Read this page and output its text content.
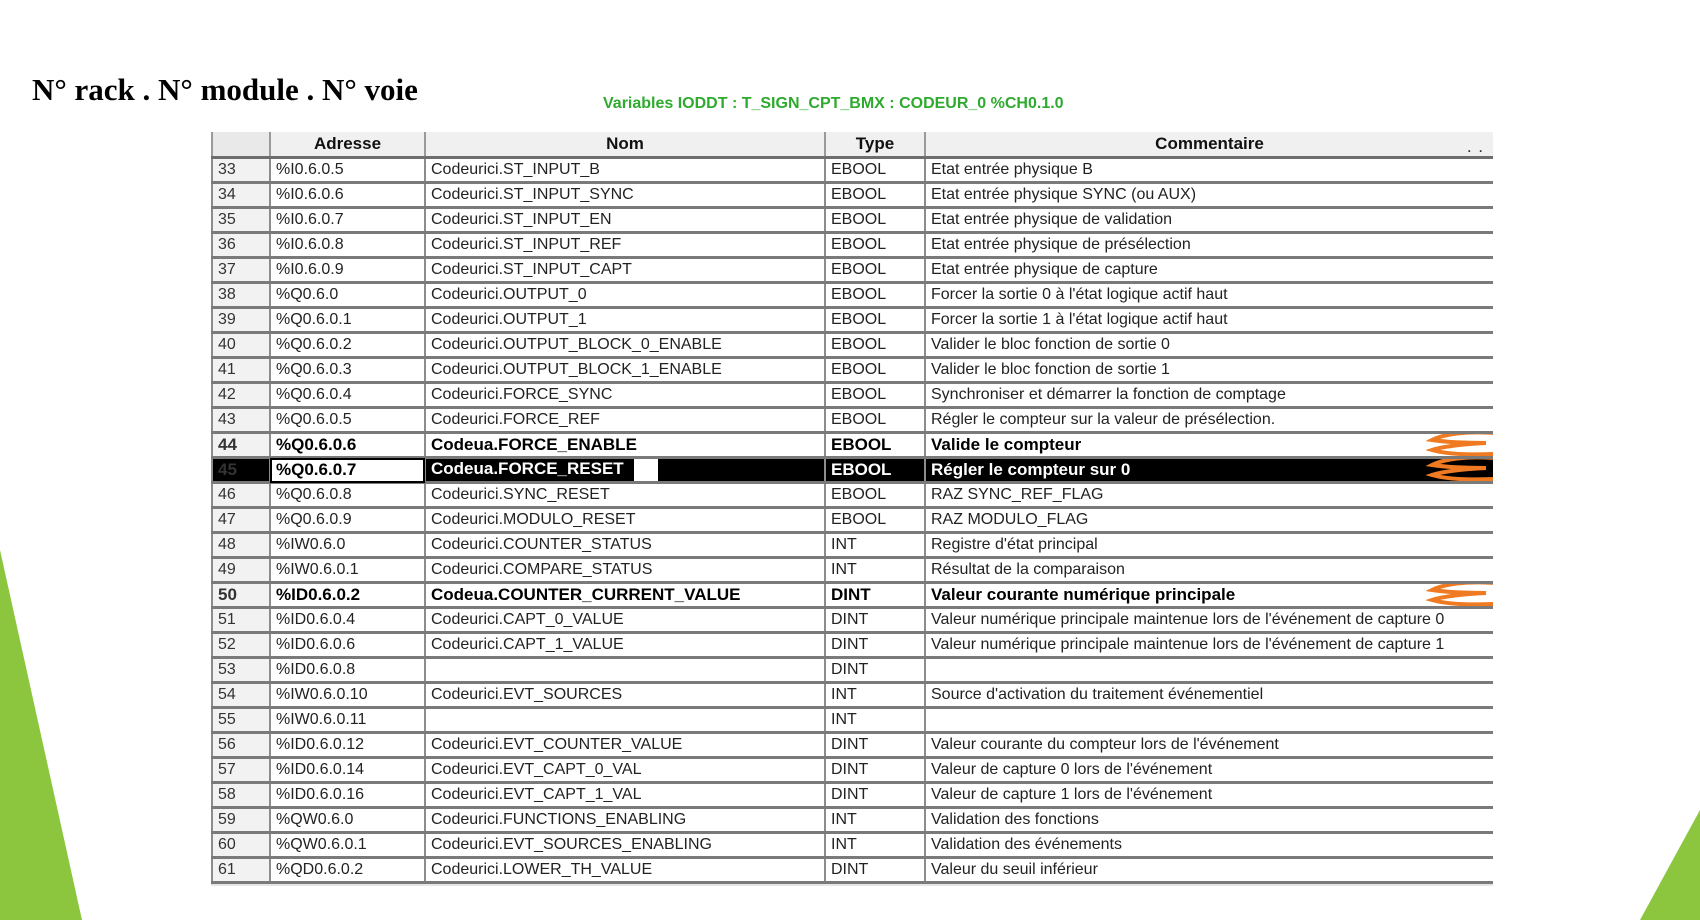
N° rack . N° module . N° voie	Variables IODDT : T_SIGN_CPT_BMX : CODEUR_0 %CH0.1.0
	Adresse	Nom	Type	Commentaire · ·

33	%I0.6.0.5	Codeurici.ST_INPUT_B	EBOOL	Etat entrée physique B
34	%I0.6.0.6	Codeurici.ST_INPUT_SYNC	EBOOL	Etat entrée physique SYNC (ou AUX)
35	%I0.6.0.7	Codeurici.ST_INPUT_EN	EBOOL	Etat entrée physique de validation
36	%I0.6.0.8	Codeurici.ST_INPUT_REF	EBOOL	Etat entrée physique de présélection
37	%I0.6.0.9	Codeurici.ST_INPUT_CAPT	EBOOL	Etat entrée physique de capture
38	%Q0.6.0	Codeurici.OUTPUT_0	EBOOL	Forcer la sortie 0 à l'état logique actif haut
39	%Q0.6.0.1	Codeurici.OUTPUT_1	EBOOL	Forcer la sortie 1 à l'état logique actif haut
40	%Q0.6.0.2	Codeurici.OUTPUT_BLOCK_0_ENABLE	EBOOL	Valider le bloc fonction de sortie 0
41	%Q0.6.0.3	Codeurici.OUTPUT_BLOCK_1_ENABLE	EBOOL	Valider le bloc fonction de sortie 1
42	%Q0.6.0.4	Codeurici.FORCE_SYNC	EBOOL	Synchroniser et démarrer la fonction de comptage
43	%Q0.6.0.5	Codeurici.FORCE_REF	EBOOL	Régler le compteur sur la valeur de présélection.
44	%Q0.6.0.6	Codeua.FORCE_ENABLE	EBOOL	Valide le compteur

45	%Q0.6.0.7	Codeua.FORCE_RESET	EBOOL	Régler le compteur sur 0

46	%Q0.6.0.8	Codeurici.SYNC_RESET	EBOOL	RAZ SYNC_REF_FLAG
47	%Q0.6.0.9	Codeurici.MODULO_RESET	EBOOL	RAZ MODULO_FLAG
48	%IW0.6.0	Codeurici.COUNTER_STATUS	INT	Registre d'état principal
49	%IW0.6.0.1	Codeurici.COMPARE_STATUS	INT	Résultat de la comparaison
50	%ID0.6.0.2	Codeua.COUNTER_CURRENT_VALUE	DINT	Valeur courante numérique principale

51	%ID0.6.0.4	Codeurici.CAPT_0_VALUE	DINT	Valeur numérique principale maintenue lors de l'événement de capture 0
52	%ID0.6.0.6	Codeurici.CAPT_1_VALUE	DINT	Valeur numérique principale maintenue lors de l'événement de capture 1
53	%ID0.6.0.8		DINT	
54	%IW0.6.0.10	Codeurici.EVT_SOURCES	INT	Source d'activation du traitement événementiel
55	%IW0.6.0.11		INT	
56	%ID0.6.0.12	Codeurici.EVT_COUNTER_VALUE	DINT	Valeur courante du compteur lors de l'événement
57	%ID0.6.0.14	Codeurici.EVT_CAPT_0_VAL	DINT	Valeur de capture 0 lors de l'événement
58	%ID0.6.0.16	Codeurici.EVT_CAPT_1_VAL	DINT	Valeur de capture 1 lors de l'événement
59	%QW0.6.0	Codeurici.FUNCTIONS_ENABLING	INT	Validation des fonctions
60	%QW0.6.0.1	Codeurici.EVT_SOURCES_ENABLING	INT	Validation des événements
61	%QD0.6.0.2	Codeurici.LOWER_TH_VALUE	DINT	Valeur du seuil inférieur
